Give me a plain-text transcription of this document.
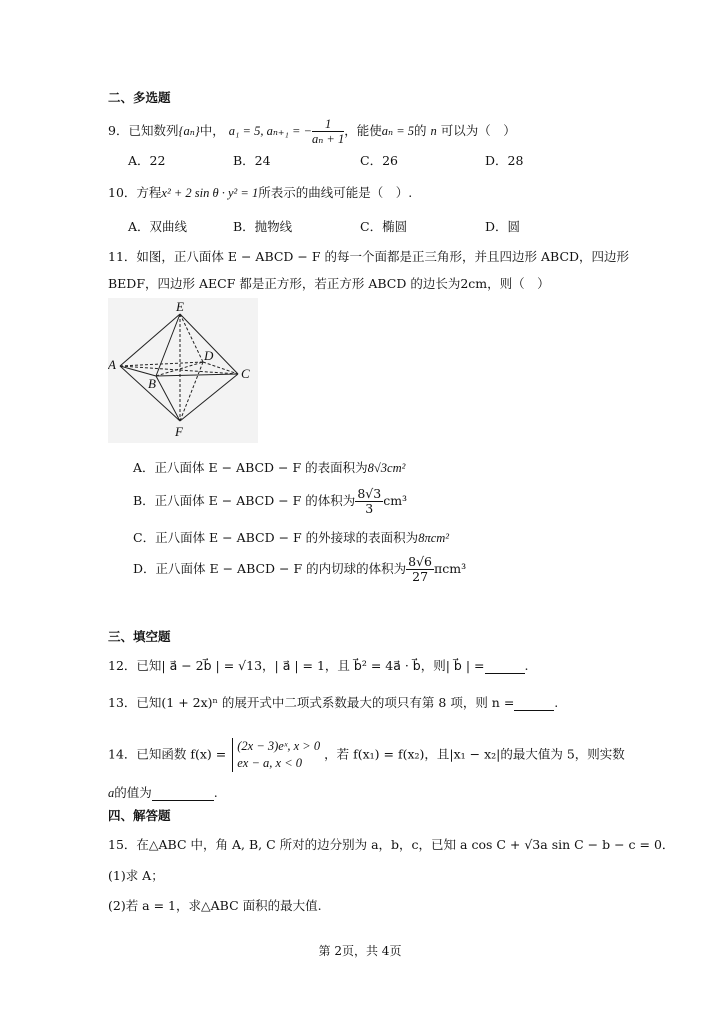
二、多选题
9．已知数列{aₙ}中， a₁ = 5, aₙ₊₁ = − $\frac{1}{\text{aₙ + 1}}$ ，能使aₙ = 5的 n 可以为（　）
A．22	B．24	C．26	D．28
10．方程x² + 2 sin θ · y² = 1所表示的曲线可能是（　）.
A．双曲线	B．抛物线	C．椭圆	D．圆
11．如图，正八面体 E − ABCD − F 的每一个面都是正三角形，并且四边形 ABCD，四边形
BEDF，四边形 AECF 都是正方形，若正方形 ABCD 的边长为2cm，则（　）
E
A
B
D
C
F
A．正八面体 E − ABCD − F 的表面积为8√3cm²
B．正八面体 E − ABCD − F 的体积为 $\frac{8√3}{3} cm^3$
C．正八面体 E − ABCD − F 的外接球的表面积为8πcm²
D．正八面体 E − ABCD − F 的内切球的体积为 $\frac{8√6}{27} \pi cm^3$
三、填空题
12．已知| a⃗ − 2b⃗ | = √13，| a⃗ | = 1，且 b⃗² = 4a⃗ · b⃗，则| b⃗ | =	.
13．已知(1 + 2x)ⁿ 的展开式中二项式系数最大的项只有第 8 项，则 n =	.
14．已知函数 f(x) =
(2x − 3)eˣ, x > 0
ex − a, x < 0
，若 f(x₁) = f(x₂)，且|x₁ − x₂|的最大值为 5，则实数
a的值为	.
四、解答题
15．在△ABC 中，角 A, B, C 所对的边分别为 a，b，c，已知 a cos C + √3a sin C − b − c = 0．
(1)求 A；
(2)若 a = 1，求△ABC 面积的最大值.
第 2页，共 4页
